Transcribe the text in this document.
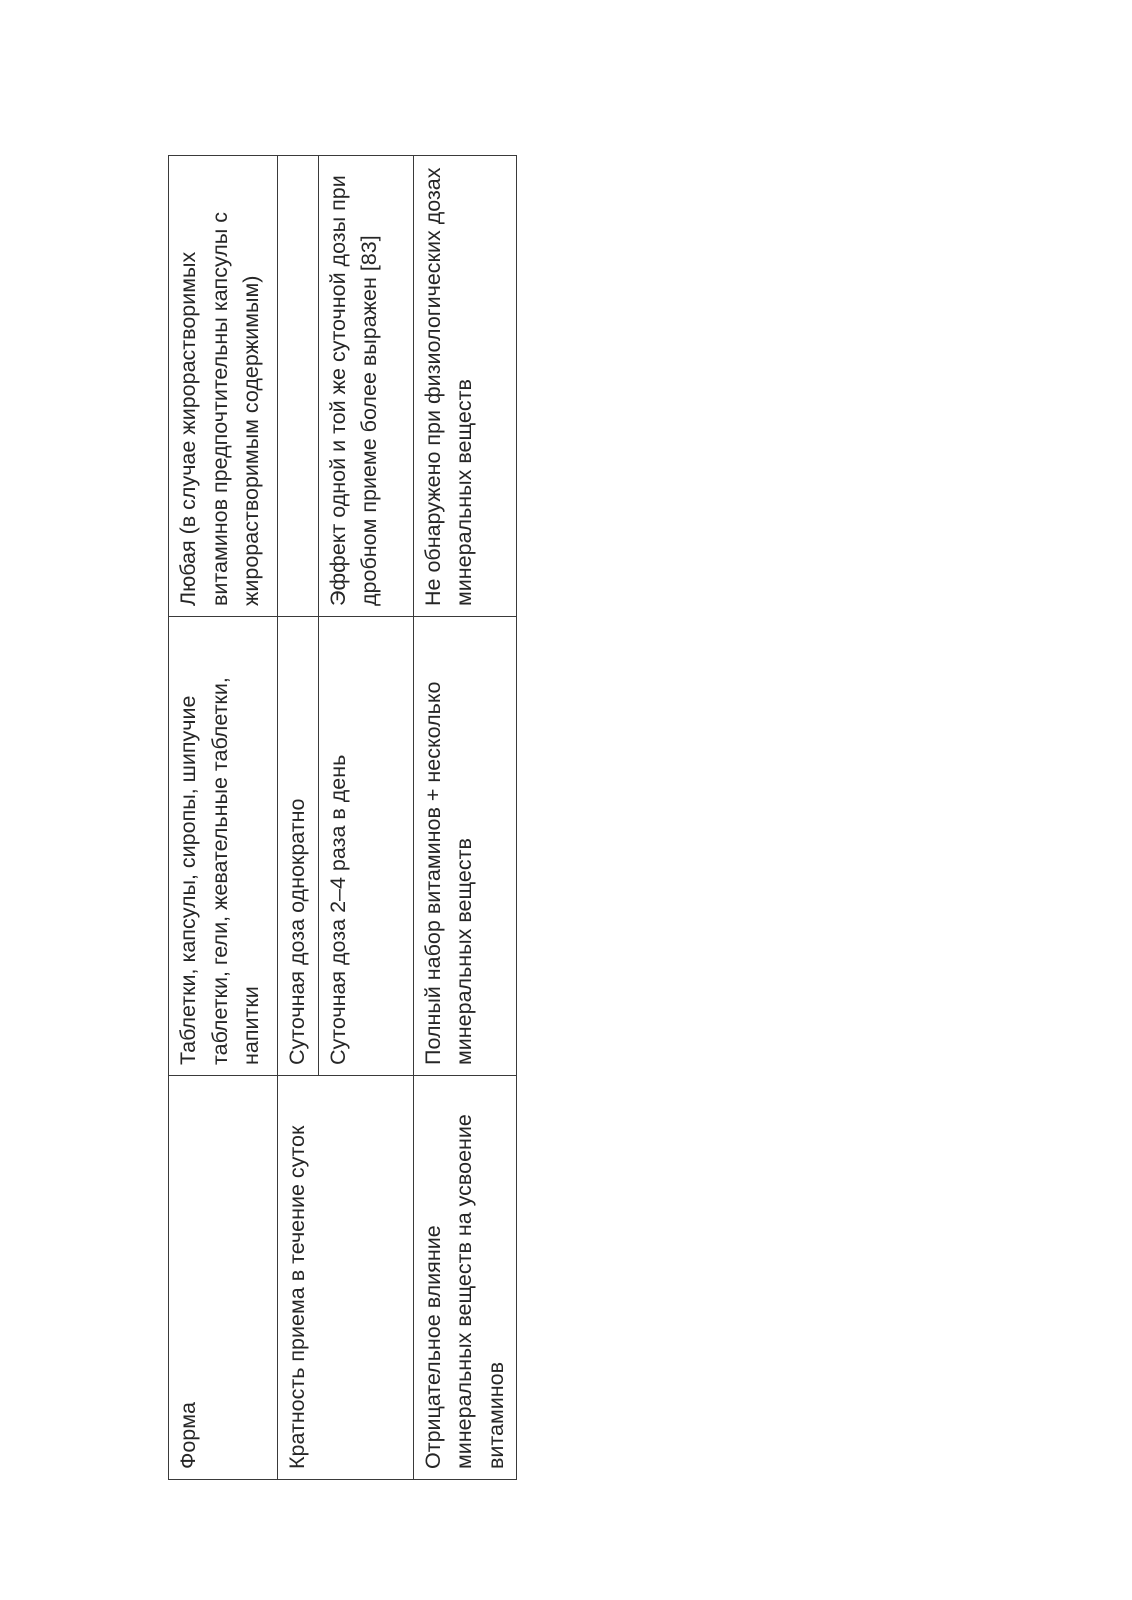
Форма	Таблетки, капсулы, сиропы, шипучие таблетки, гели, жевательные таблетки, напитки	Любая (в случае жирорастворимых витаминов предпочтительны капсулы с жирорастворимым содержимым)
Кратность приема в течение суток	Суточная доза однократно	
	Суточная доза 2–4 раза в день	Эффект одной и той же суточной дозы при дробном приеме более выражен [83]
Отрицательное влияние минеральных веществ на усвоение витаминов	Полный набор витаминов + несколько минеральных веществ	Не обнаружено при физиологических дозах минеральных веществ
